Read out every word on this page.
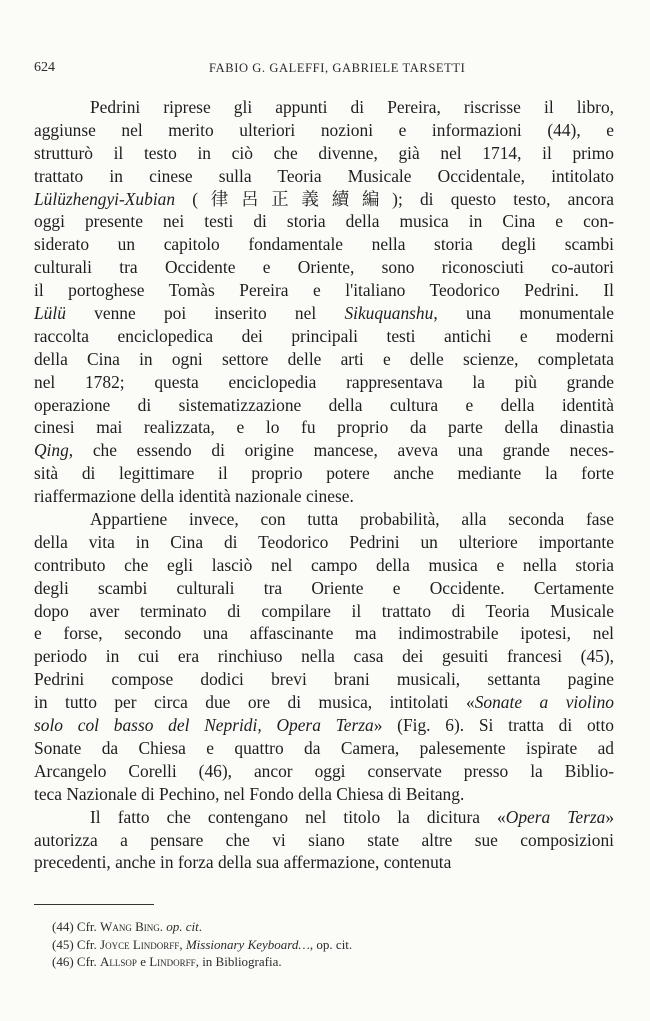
624	FABIO G. GALEFFI, GABRIELE TARSETTI
Pedrini riprese gli appunti di Pereira, riscrisse il libro,
aggiunse nel merito ulteriori nozioni e informazioni (44), e
strutturò il testo in ciò che divenne, già nel 1714, il primo
trattato in cinese sulla Teoria Musicale Occidentale, intitolato
Lülüzhengyi-Xubian (律呂正義續編); di questo testo, ancora
oggi presente nei testi di storia della musica in Cina e con-
siderato un capitolo fondamentale nella storia degli scambi
culturali tra Occidente e Oriente, sono riconosciuti co-autori
il portoghese Tomàs Pereira e l'italiano Teodorico Pedrini. Il
Lülü venne poi inserito nel Sikuquanshu, una monumentale
raccolta enciclopedica dei principali testi antichi e moderni
della Cina in ogni settore delle arti e delle scienze, completata
nel 1782; questa enciclopedia rappresentava la più grande
operazione di sistematizzazione della cultura e della identità
cinesi mai realizzata, e lo fu proprio da parte della dinastia
Qing, che essendo di origine mancese, aveva una grande neces-
sità di legittimare il proprio potere anche mediante la forte
riaffermazione della identità nazionale cinese.
Appartiene invece, con tutta probabilità, alla seconda fase
della vita in Cina di Teodorico Pedrini un ulteriore importante
contributo che egli lasciò nel campo della musica e nella storia
degli scambi culturali tra Oriente e Occidente. Certamente
dopo aver terminato di compilare il trattato di Teoria Musicale
e forse, secondo una affascinante ma indimostrabile ipotesi, nel
periodo in cui era rinchiuso nella casa dei gesuiti francesi (45),
Pedrini compose dodici brevi brani musicali, settanta pagine
in tutto per circa due ore di musica, intitolati «Sonate a violino
solo col basso del Nepridi, Opera Terza» (Fig. 6). Si tratta di otto
Sonate da Chiesa e quattro da Camera, palesemente ispirate ad
Arcangelo Corelli (46), ancor oggi conservate presso la Biblio-
teca Nazionale di Pechino, nel Fondo della Chiesa di Beitang.
Il fatto che contengano nel titolo la dicitura «Opera Terza»
autorizza a pensare che vi siano state altre sue composizioni
precedenti, anche in forza della sua affermazione, contenuta
(44) Cfr. Wang Bing. op. cit.
(45) Cfr. Joyce Lindorff, Missionary Keyboard…, op. cit.
(46) Cfr. Allsop e Lindorff, in Bibliografia.
